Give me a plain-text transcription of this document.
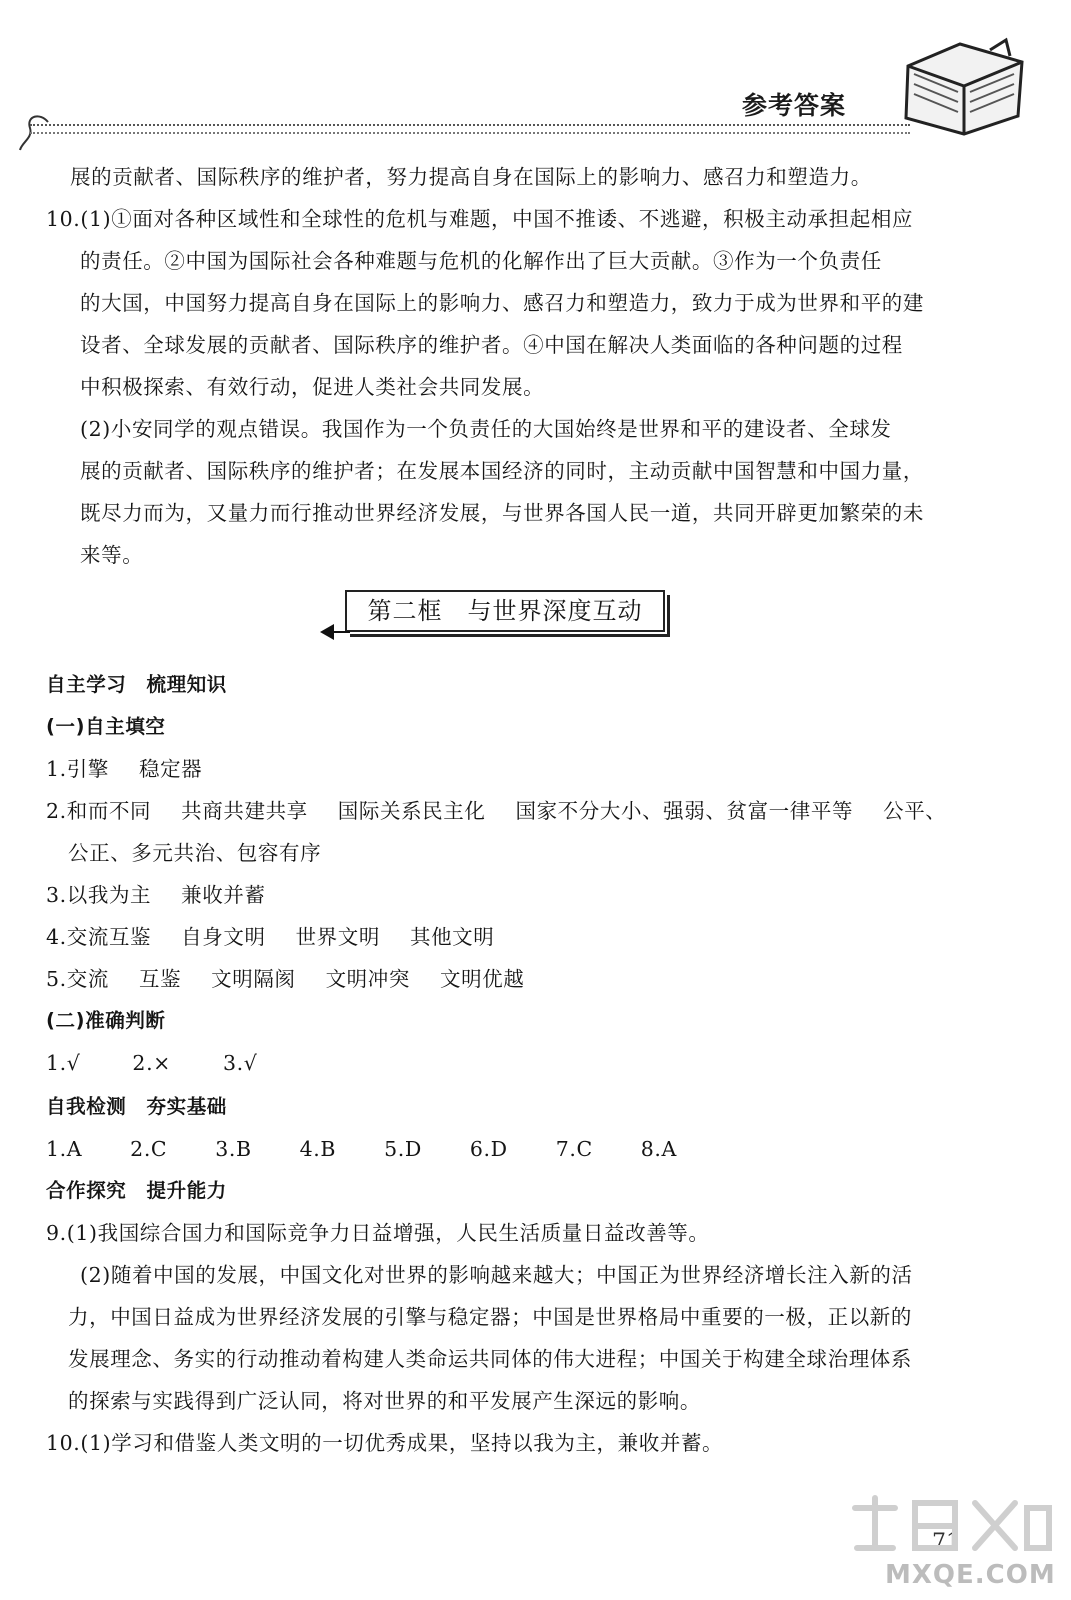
参考答案
展的贡献者、国际秩序的维护者，努力提高自身在国际上的影响力、感召力和塑造力。
10.(1)①面对各种区域性和全球性的危机与难题，中国不推诿、不逃避，积极主动承担起相应
的责任。②中国为国际社会各种难题与危机的化解作出了巨大贡献。③作为一个负责任
的大国，中国努力提高自身在国际上的影响力、感召力和塑造力，致力于成为世界和平的建
设者、全球发展的贡献者、国际秩序的维护者。④中国在解决人类面临的各种问题的过程
中积极探索、有效行动，促进人类社会共同发展。
(2)小安同学的观点错误。我国作为一个负责任的大国始终是世界和平的建设者、全球发
展的贡献者、国际秩序的维护者；在发展本国经济的同时，主动贡献中国智慧和中国力量，
既尽力而为，又量力而行推动世界经济发展，与世界各国人民一道，共同开辟更加繁荣的未
来等。
第二框　与世界深度互动
自主学习　梳理知识
(一)自主填空
1.引擎 稳定器
2.和而不同 共商共建共享 国际关系民主化 国家不分大小、强弱、贫富一律平等 公平、
公正、多元共治、包容有序
3.以我为主 兼收并蓄
4.交流互鉴 自身文明 世界文明 其他文明
5.交流 互鉴 文明隔阂 文明冲突 文明优越
(二)准确判断
1.√	2.×	3.√
自我检测　夯实基础
1.A 2.C 3.B 4.B 5.D 6.D 7.C 8.A
合作探究　提升能力
9.(1)我国综合国力和国际竞争力日益增强，人民生活质量日益改善等。
(2)随着中国的发展，中国文化对世界的影响越来越大；中国正为世界经济增长注入新的活
力，中国日益成为世界经济发展的引擎与稳定器；中国是世界格局中重要的一极，正以新的
发展理念、务实的行动推动着构建人类命运共同体的伟大进程；中国关于构建全球治理体系
的探索与实践得到广泛认同，将对世界的和平发展产生深远的影响。
10.(1)学习和借鉴人类文明的一切优秀成果，坚持以我为主，兼收并蓄。
71
MXQE.COM
